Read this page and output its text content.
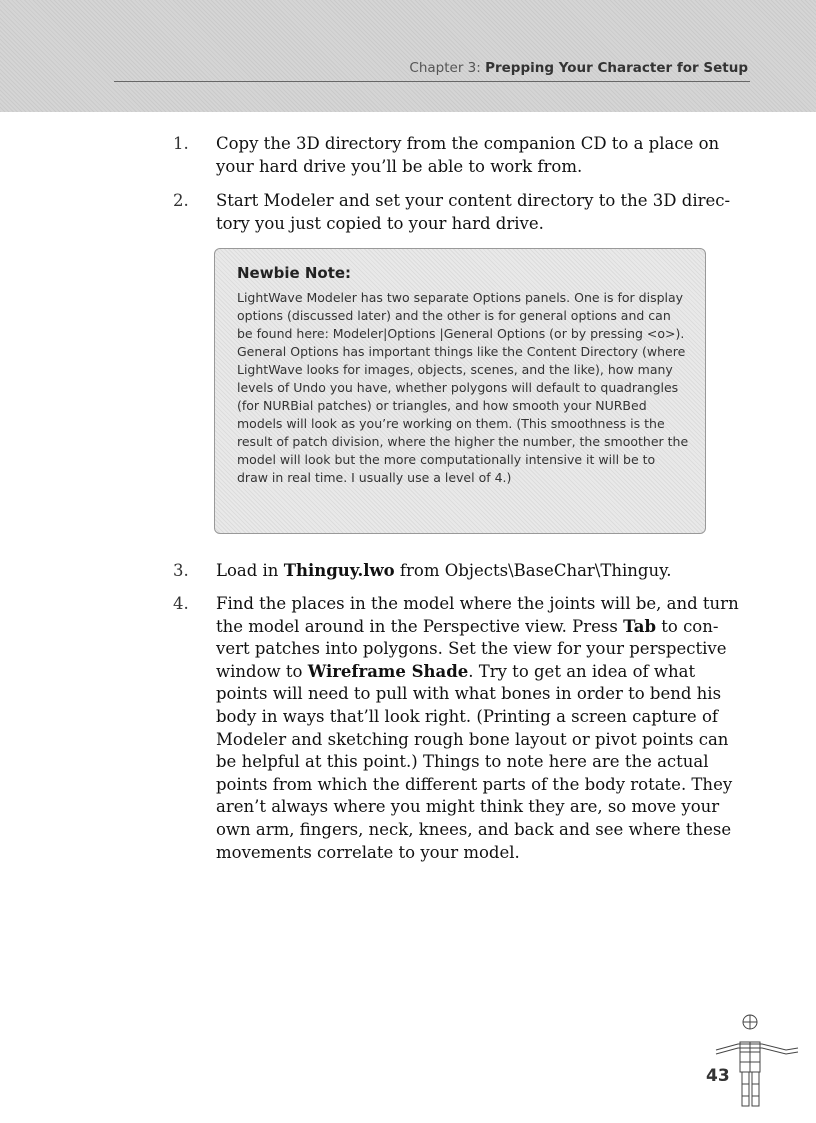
Chapter 3: Prepping Your Character for Setup
1.	Copy the 3D directory from the companion CD to a place on your hard drive you’ll be able to work from.
2.	Start Modeler and set your content directory to the 3D direc-tory you just copied to your hard drive.
Newbie Note:

LightWave Modeler has two separate Options panels. One is for display options (discussed later) and the other is for general options and can be found here: Modeler|Options |General Options (or by pressing <o>). General Options has important things like the Content Directory (where LightWave looks for images, objects, scenes, and the like), how many levels of Undo you have, whether polygons will default to quadrangles (for NURBial patches) or triangles, and how smooth your NURBed models will look as you’re working on them. (This smoothness is the result of patch division, where the higher the number, the smoother the model will look but the more computationally intensive it will be to draw in real time. I usually use a level of 4.)

3.	Load in Thinguy.lwo from Objects\BaseChar\Thinguy.
4.	Find the places in the model where the joints will be, and turn the model around in the Perspective view. Press Tab to con-vert patches into polygons. Set the view for your perspective window to Wireframe Shade. Try to get an idea of what points will need to pull with what bones in order to bend his body in ways that’ll look right. (Printing a screen capture of Modeler and sketching rough bone layout or pivot points can be helpful at this point.) Things to note here are the actual points from which the different parts of the body rotate. They aren’t always where you might think they are, so move your own arm, fingers, neck, knees, and back and see where these movements correlate to your model.
43
